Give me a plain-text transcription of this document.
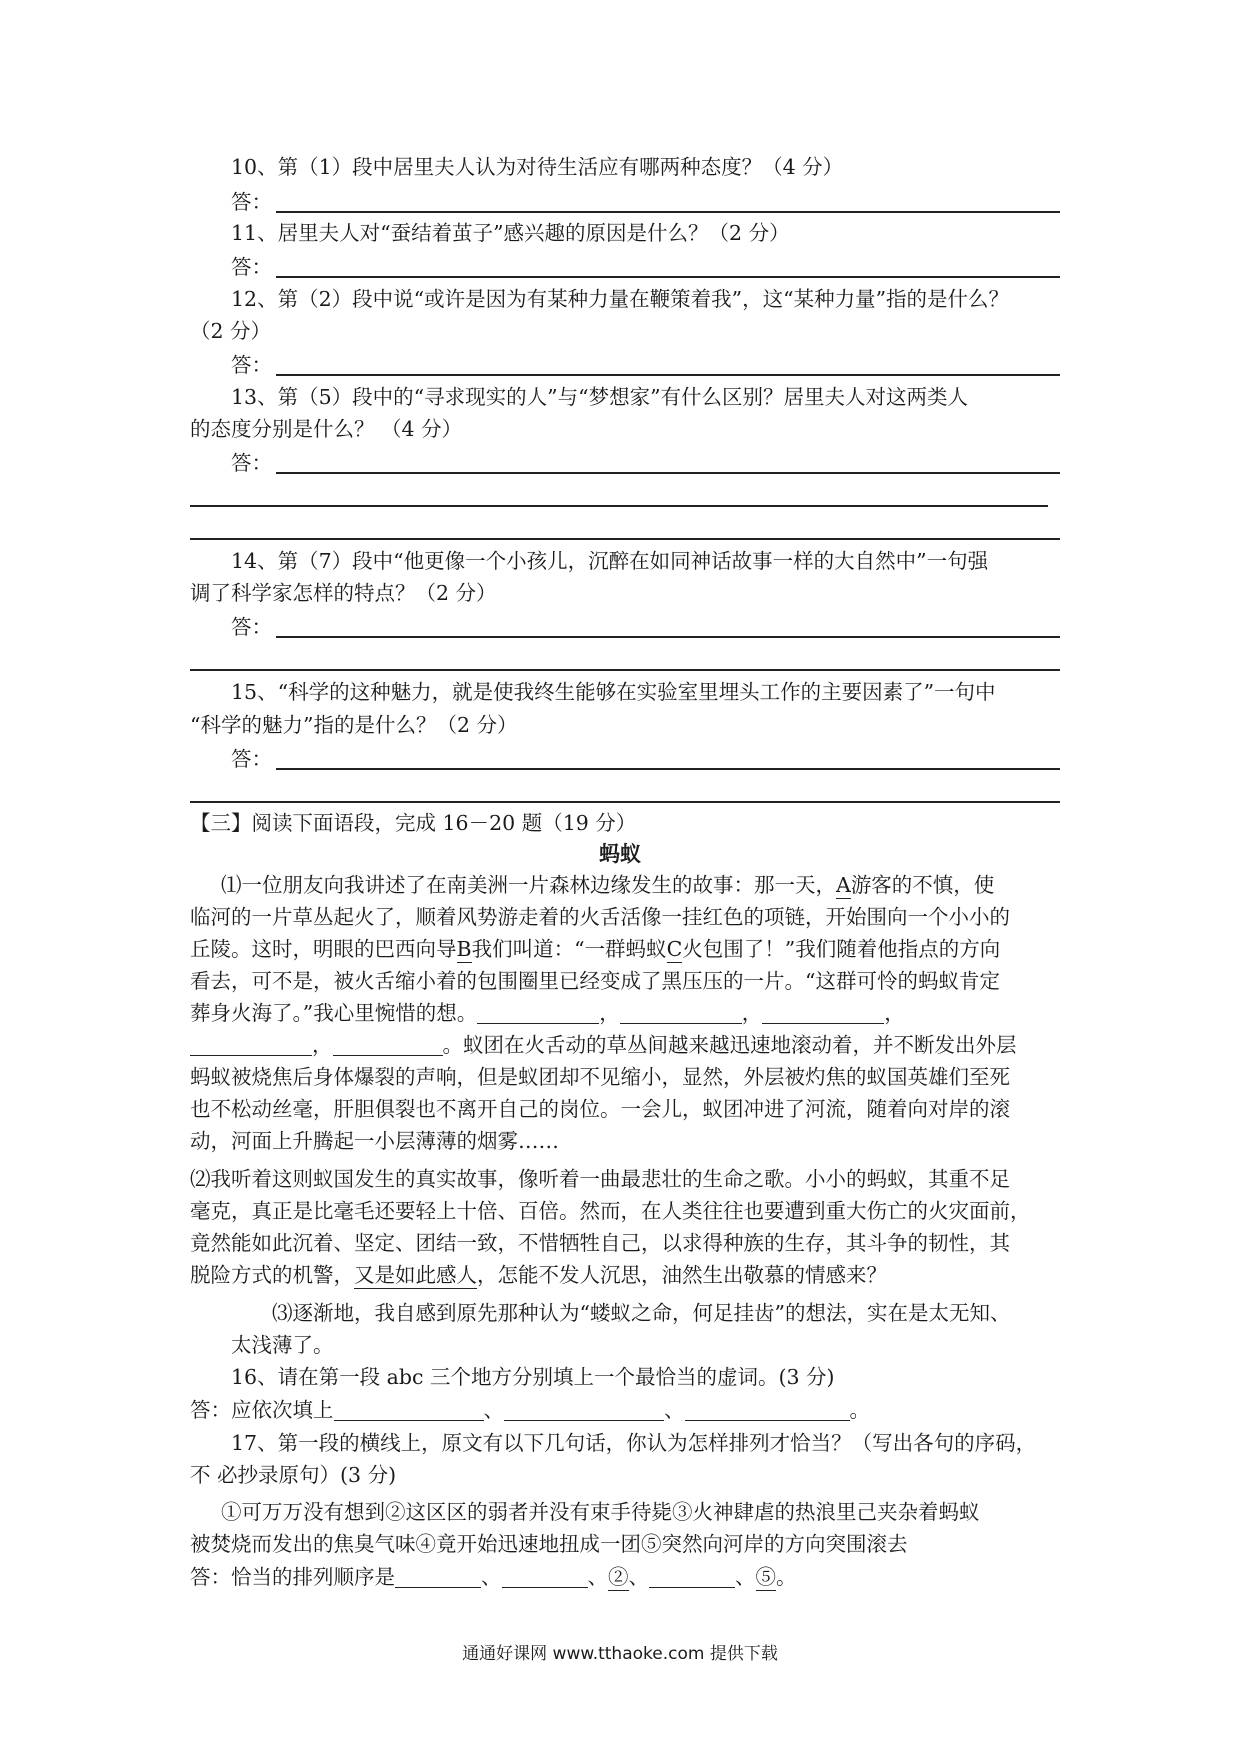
10、第（1）段中居里夫人认为对待生活应有哪两种态度？（4 分）
答：
11、居里夫人对“蚕结着茧子”感兴趣的原因是什么？（2 分）
答：
12、第（2）段中说“或许是因为有某种力量在鞭策着我”，这“某种力量”指的是什么？
（2 分）
答：
13、第（5）段中的“寻求现实的人”与“梦想家”有什么区别？居里夫人对这两类人
的态度分别是什么？ （4 分）
答：
14、第（7）段中“他更像一个小孩儿，沉醉在如同神话故事一样的大自然中”一句强
调了科学家怎样的特点？（2 分）
答：
15、“科学的这种魅力，就是使我终生能够在实验室里埋头工作的主要因素了”一句中
“科学的魅力”指的是什么？（2 分）
答：
【三】阅读下面语段，完成 16－20 题（19 分）
蚂蚁
⑴一位朋友向我讲述了在南美洲一片森林边缘发生的故事：那一天，A游客的不慎，使
临河的一片草丛起火了，顺着风势游走着的火舌活像一挂红色的项链，开始围向一个小小的
丘陵。这时，明眼的巴西向导B我们叫道：“一群蚂蚁C火包围了！”我们随着他指点的方向
看去，可不是，被火舌缩小着的包围圈里已经变成了黑压压的一片。“这群可怜的蚂蚁肯定
葬身火海了。”我心里惋惜的想。	，	，	，
，	。蚁团在火舌动的草丛间越来越迅速地滚动着，并不断发出外层
蚂蚁被烧焦后身体爆裂的声响，但是蚁团却不见缩小，显然，外层被灼焦的蚁国英雄们至死
也不松动丝毫，肝胆俱裂也不离开自己的岗位。一会儿，蚁团冲进了河流，随着向对岸的滚
动，河面上升腾起一小层薄薄的烟雾……
⑵我听着这则蚁国发生的真实故事，像听着一曲最悲壮的生命之歌。小小的蚂蚁，其重不足
毫克，真正是比毫毛还要轻上十倍、百倍。然而，在人类往往也要遭到重大伤亡的火灾面前，
竟然能如此沉着、坚定、团结一致，不惜牺牲自己，以求得种族的生存，其斗争的韧性，其
脱险方式的机警，又是如此感人，怎能不发人沉思，油然生出敬慕的情感来？
⑶逐渐地，我自感到原先那种认为“蝼蚁之命，何足挂齿”的想法，实在是太无知、
太浅薄了。
16、请在第一段 abc 三个地方分别填上一个最恰当的虚词。(3 分)
答：应依次填上	、	、	。
17、第一段的横线上，原文有以下几句话，你认为怎样排列才恰当？（写出各句的序码，
不 必抄录原句）(3 分)
①可万万没有想到②这区区的弱者并没有束手待毙③火神肆虐的热浪里己夹杂着蚂蚁
被焚烧而发出的焦臭气味④竟开始迅速地扭成一团⑤突然向河岸的方向突围滚去
答：恰当的排列顺序是	、	、②、	、⑤。
通通好课网 www.tthaoke.com 提供下载
